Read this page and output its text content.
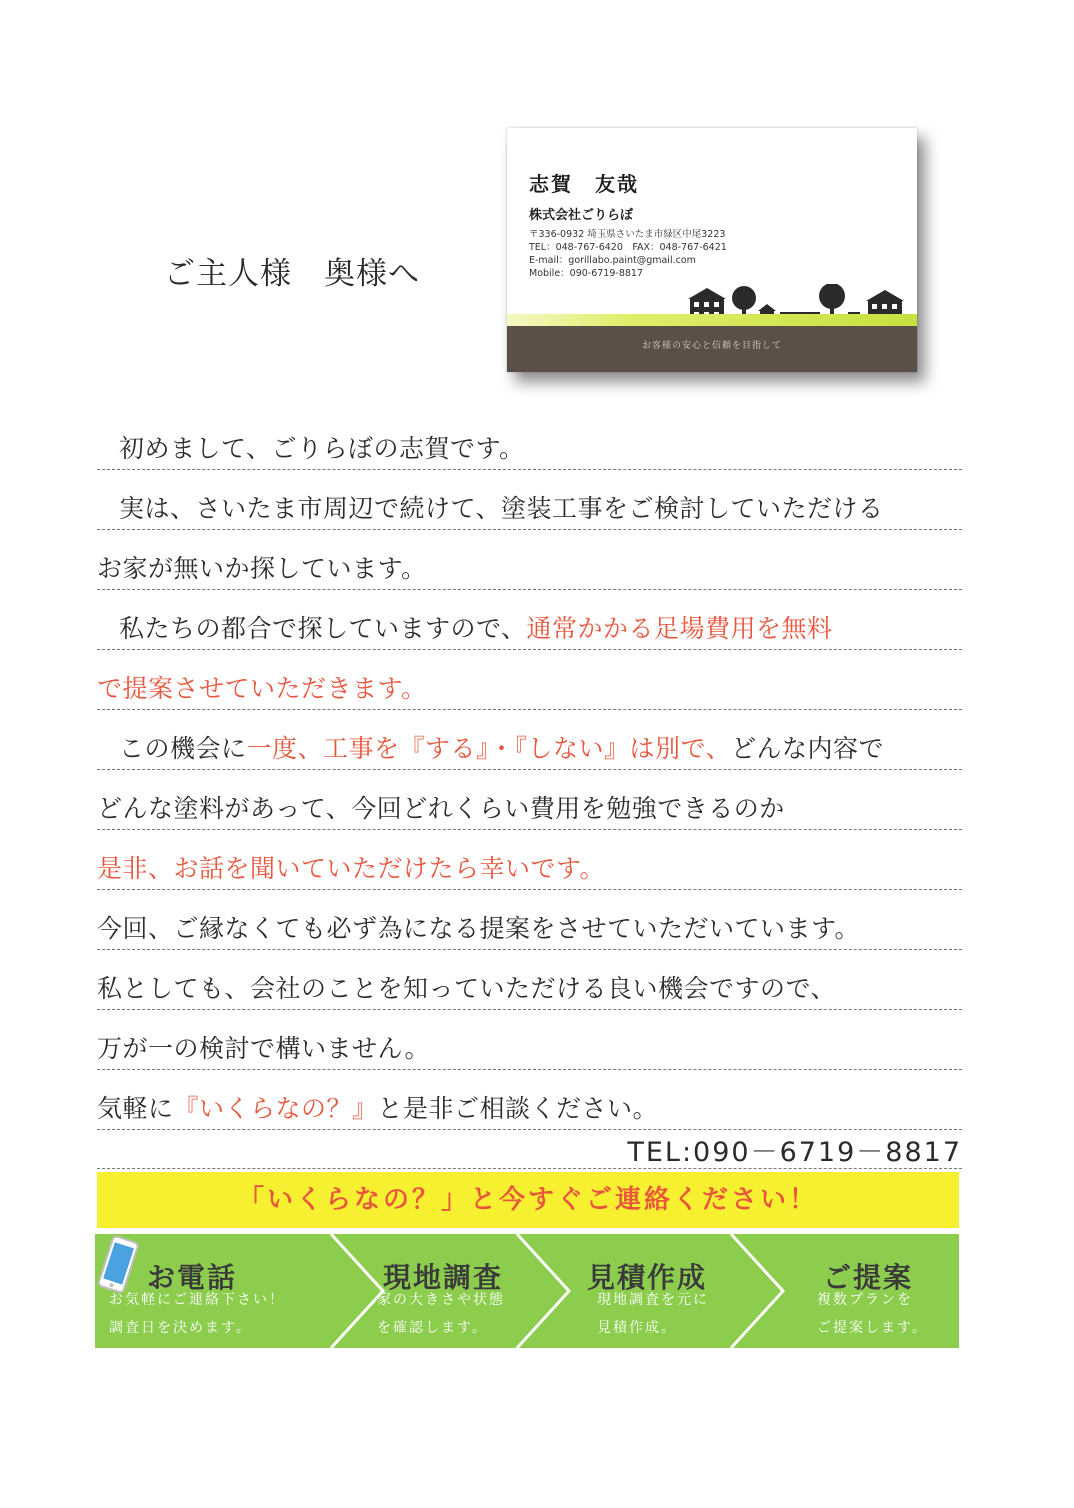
ご主人様　奥様へ
志賀　友哉
株式会社ごりらぼ
〒336-0932 埼玉県さいたま市緑区中尾3223
TEL：048-767-6420　FAX：048-767-6421
E-mail：gorillabo.paint@gmail.com
Mobile：090-6719-8817
お客様の安心と信頼を目指して
初めまして、ごりらぼの志賀です。
実は、さいたま市周辺で続けて、塗装工事をご検討していただける
お家が無いか探しています。
私たちの都合で探していますので、通常かかる足場費用を無料
で提案させていただきます。
この機会に一度、工事を『する』・『しない』は別で、どんな内容で
どんな塗料があって、今回どれくらい費用を勉強できるのか
是非、お話を聞いていただけたら幸いです。
今回、ご縁なくても必ず為になる提案をさせていただいています。
私としても、会社のことを知っていただける良い機会ですので、
万が一の検討で構いません。
気軽に『いくらなの？』と是非ご相談ください。
TEL:090－6719－8817
「いくらなの？」と今すぐご連絡ください！
お電話
お気軽にご連絡下さい！
調査日を決めます。
現地調査
家の大きさや状態
を確認します。
見積作成
現地調査を元に
見積作成。
ご提案
複数プランを
ご提案します。
